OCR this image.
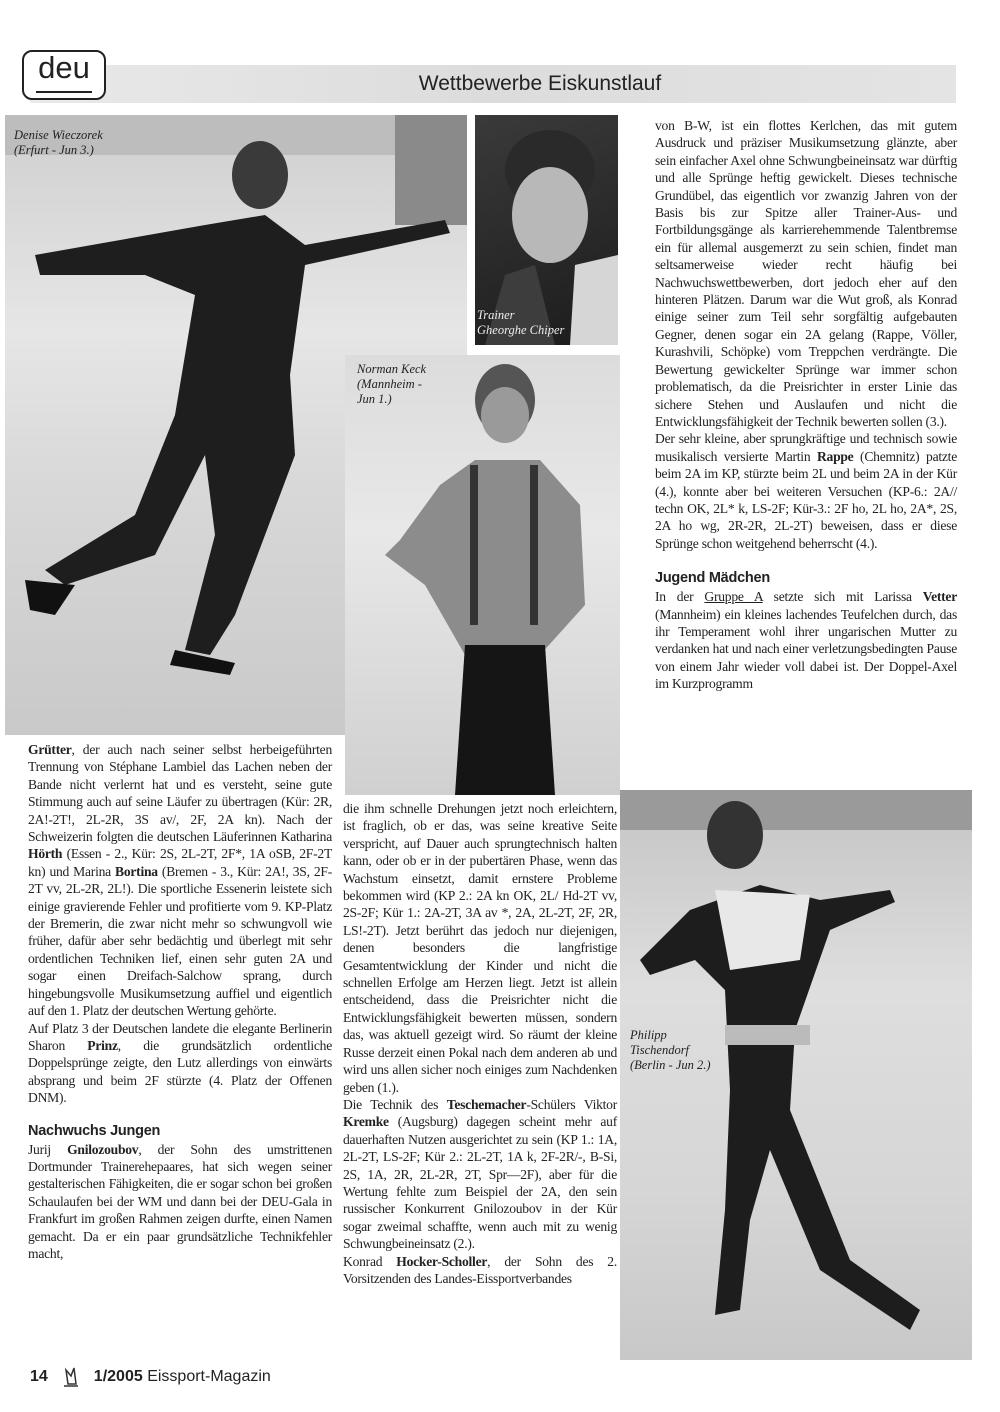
deu	Wettbewerbe Eiskunstlauf
Denise Wieczorek
(Erfurt - Jun 3.)
Trainer
Gheorghe Chiper
Norman Keck
(Mannheim -
Jun 1.)
Philipp
Tischendorf
(Berlin - Jun 2.)

von B-W, ist ein flottes Kerlchen, das mit gutem Ausdruck und präziser Musikumsetzung glänzte, aber sein einfacher Axel ohne Schwungbeineinsatz war dürftig und alle Sprünge heftig gewickelt. Dieses technische Grundübel, das eigentlich vor zwanzig Jahren von der Basis bis zur Spitze aller Trainer-Aus- und Fortbildungsgänge als karrierehemmende Talentbremse ein für allemal ausgemerzt zu sein schien, findet man seltsamerweise wieder recht häufig bei Nachwuchswettbewerben, dort jedoch eher auf den hinteren Plätzen. Darum war die Wut groß, als Konrad einige seiner zum Teil sehr sorgfältig aufgebauten Gegner, denen sogar ein 2A gelang (Rappe, Völler, Kurashvili, Schöpke) vom Treppchen verdrängte. Die Bewertung gewickelter Sprünge war immer schon problematisch, da die Preisrichter in erster Linie das sichere Stehen und Auslaufen und nicht die Entwicklungsfähigkeit der Technik bewerten sollen (3.).

Der sehr kleine, aber sprungkräftige und technisch sowie musikalisch versierte Martin Rappe (Chemnitz) patzte beim 2A im KP, stürzte beim 2L und beim 2A in der Kür (4.), konnte aber bei weiteren Versuchen (KP-6.: 2A// techn OK, 2L* k, LS-2F; Kür-3.: 2F ho, 2L ho, 2A*, 2S, 2A ho wg, 2R-2R, 2L-2T) beweisen, dass er diese Sprünge schon weitgehend beherrscht (4.).

Jugend Mädchen

In der Gruppe A setzte sich mit Larissa Vetter (Mannheim) ein kleines lachendes Teufelchen durch, das ihr Temperament wohl ihrer ungarischen Mutter zu verdanken hat und nach einer verletzungsbedingten Pause von einem Jahr wieder voll dabei ist. Der Doppel-Axel im Kurzprogramm

Grütter, der auch nach seiner selbst herbeigeführten Trennung von Stéphane Lambiel das Lachen neben der Bande nicht verlernt hat und es versteht, seine gute Stimmung auch auf seine Läufer zu übertragen (Kür: 2R, 2A!-2T!, 2L-2R, 3S av/, 2F, 2A kn). Nach der Schweizerin folgten die deutschen Läuferinnen Katharina Hörth (Essen - 2., Kür: 2S, 2L-2T, 2F*, 1A oSB, 2F-2T kn) und Marina Bortina (Bremen - 3., Kür: 2A!, 3S, 2F-2T vv, 2L-2R, 2L!). Die sportliche Essenerin leistete sich einige gravierende Fehler und profitierte vom 9. KP-Platz der Bremerin, die zwar nicht mehr so schwungvoll wie früher, dafür aber sehr bedächtig und überlegt mit sehr ordentlichen Techniken lief, einen sehr guten 2A und sogar einen Dreifach-Salchow sprang, durch hingebungsvolle Musikumsetzung auffiel und eigentlich auf den 1. Platz der deutschen Wertung gehörte.

Auf Platz 3 der Deutschen landete die elegante Berlinerin Sharon Prinz, die grundsätzlich ordentliche Doppelsprünge zeigte, den Lutz allerdings von einwärts absprang und beim 2F stürzte (4. Platz der Offenen DNM).

Nachwuchs Jungen

Jurij Gnilozoubov, der Sohn des umstrittenen Dortmunder Trainerehepaares, hat sich wegen seiner gestalterischen Fähigkeiten, die er sogar schon bei großen Schaulaufen bei der WM und dann bei der DEU-Gala in Frankfurt im großen Rahmen zeigen durfte, einen Namen gemacht. Da er ein paar grundsätzliche Technikfehler macht,

die ihm schnelle Drehungen jetzt noch erleichtern, ist fraglich, ob er das, was seine kreative Seite verspricht, auf Dauer auch sprungtechnisch halten kann, oder ob er in der pubertären Phase, wenn das Wachstum einsetzt, damit ernstere Probleme bekommen wird (KP 2.: 2A kn OK, 2L/ Hd-2T vv, 2S-2F; Kür 1.: 2A-2T, 3A av *, 2A, 2L-2T, 2F, 2R, LS!-2T). Jetzt berührt das jedoch nur diejenigen, denen besonders die langfristige Gesamtentwicklung der Kinder und nicht die schnellen Erfolge am Herzen liegt. Jetzt ist allein entscheidend, dass die Preisrichter nicht die Entwicklungsfähigkeit bewerten müssen, sondern das, was aktuell gezeigt wird. So räumt der kleine Russe derzeit einen Pokal nach dem anderen ab und wird uns allen sicher noch einiges zum Nachdenken geben (1.).

Die Technik des Teschemacher-Schülers Viktor Kremke (Augsburg) dagegen scheint mehr auf dauerhaften Nutzen ausgerichtet zu sein (KP 1.: 1A, 2L-2T, LS-2F; Kür 2.: 2L-2T, 1A k, 2F-2R/-, B-Si, 2S, 1A, 2R, 2L-2R, 2T, Spr—2F), aber für die Wertung fehlte zum Beispiel der 2A, den sein russischer Konkurrent Gnilozoubov in der Kür sogar zweimal schaffte, wenn auch mit zu wenig Schwungbeineinsatz (2.).

Konrad Hocker-Scholler, der Sohn des 2. Vorsitzenden des Landes-Eissportverbandes

14	1/2005 Eissport-Magazin
